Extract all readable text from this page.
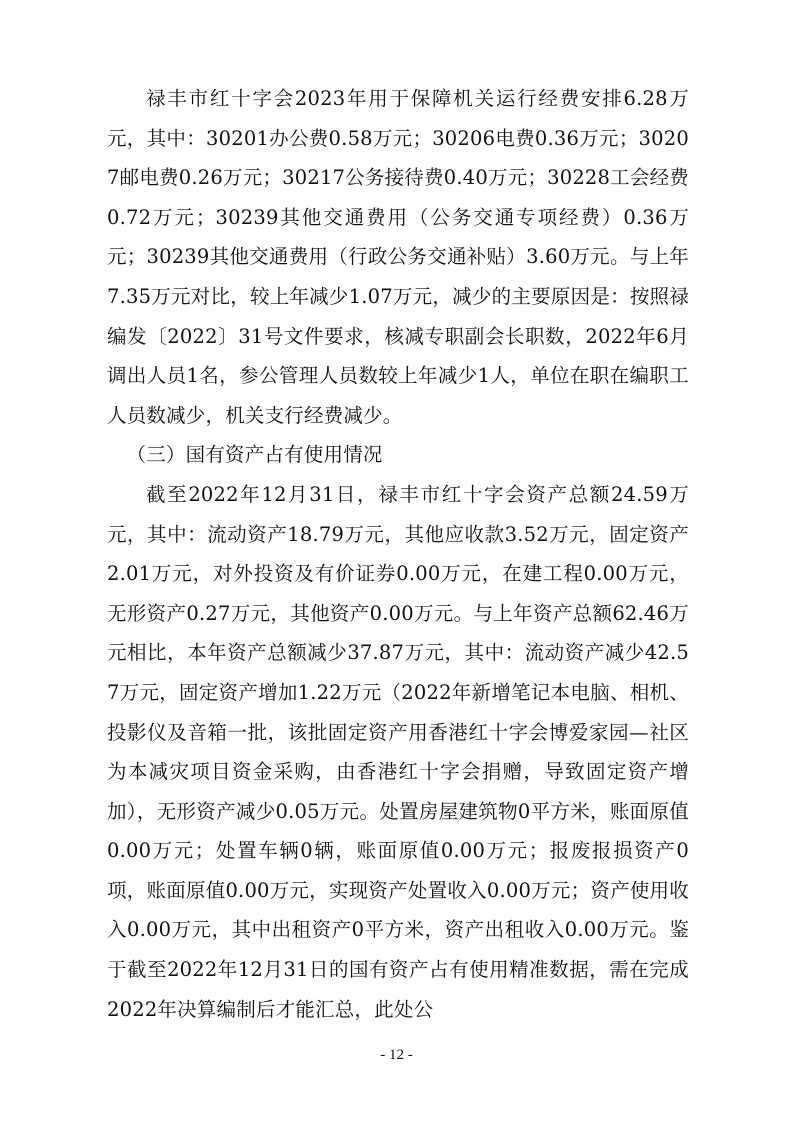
禄丰市红十字会2023年用于保障机关运行经费安排6.28万元，其中：30201办公费0.58万元；30206电费0.36万元；30207邮电费0.26万元；30217公务接待费0.40万元；30228工会经费0.72万元；30239其他交通费用（公务交通专项经费）0.36万元；30239其他交通费用（行政公务交通补贴）3.60万元。与上年7.35万元对比，较上年减少1.07万元，减少的主要原因是：按照禄编发〔2022〕31号文件要求，核减专职副会长职数，2022年6月调出人员1名，参公管理人员数较上年减少1人，单位在职在编职工人员数减少，机关支行经费减少。

（三）国有资产占有使用情况

截至2022年12月31日，禄丰市红十字会资产总额24.59万元，其中：流动资产18.79万元，其他应收款3.52万元，固定资产2.01万元，对外投资及有价证券0.00万元，在建工程0.00万元，无形资产0.27万元，其他资产0.00万元。与上年资产总额62.46万元相比，本年资产总额减少37.87万元，其中：流动资产减少42.57万元，固定资产增加1.22万元（2022年新增笔记本电脑、相机、投影仪及音箱一批，该批固定资产用香港红十字会博爱家园—社区为本减灾项目资金采购，由香港红十字会捐赠，导致固定资产增加），无形资产减少0.05万元。处置房屋建筑物0平方米，账面原值0.00万元；处置车辆0辆，账面原值0.00万元；报废报损资产0项，账面原值0.00万元，实现资产处置收入0.00万元；资产使用收入0.00万元，其中出租资产0平方米，资产出租收入0.00万元。鉴于截至2022年12月31日的国有资产占有使用精准数据，需在完成2022年决算编制后才能汇总，此处公

- 12 -
